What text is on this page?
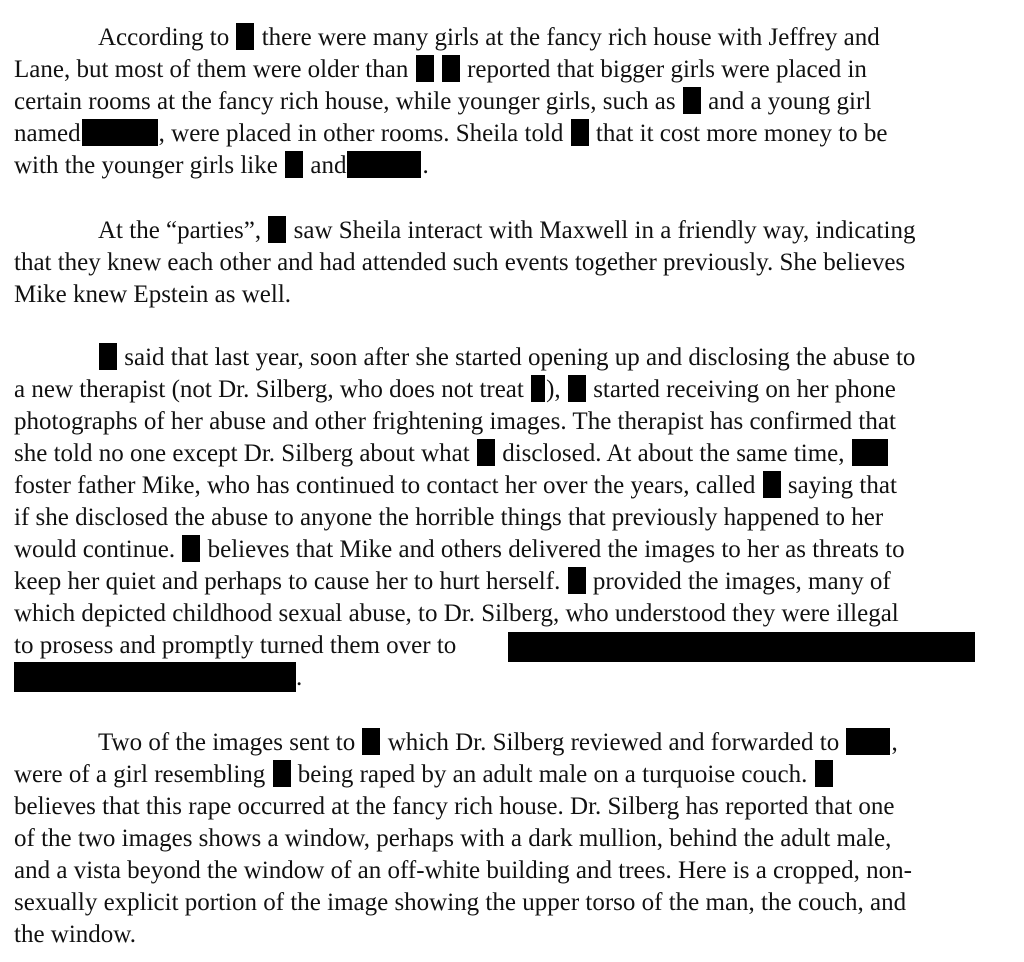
According to there were many girls at the fancy rich house with Jeffrey and
Lane, but most of them were older than reported that bigger girls were placed in
certain rooms at the fancy rich house, while younger girls, such as and a young girl
named	, were placed in other rooms. Sheila told that it cost more money to be
with the younger girls like and	.
At the “parties”, saw Sheila interact with Maxwell in a friendly way, indicating
that they knew each other and had attended such events together previously. She believes
Mike knew Epstein as well.
said that last year, soon after she started opening up and disclosing the abuse to
a new therapist (not Dr. Silberg, who does not treat ), started receiving on her phone
photographs of her abuse and other frightening images. The therapist has confirmed that
she told no one except Dr. Silberg about what disclosed. At about the same time,
foster father Mike, who has continued to contact her over the years, called saying that
if she disclosed the abuse to anyone the horrible things that previously happened to her
would continue. believes that Mike and others delivered the images to her as threats to
keep her quiet and perhaps to cause her to hurt herself. provided the images, many of
which depicted childhood sexual abuse, to Dr. Silberg, who understood they were illegal
to prosess and promptly turned them over to
.
Two of the images sent to which Dr. Silberg reviewed and forwarded to ,
were of a girl resembling being raped by an adult male on a turquoise couch.
believes that this rape occurred at the fancy rich house. Dr. Silberg has reported that one
of the two images shows a window, perhaps with a dark mullion, behind the adult male,
and a vista beyond the window of an off-white building and trees. Here is a cropped, non-
sexually explicit portion of the image showing the upper torso of the man, the couch, and
the window.
